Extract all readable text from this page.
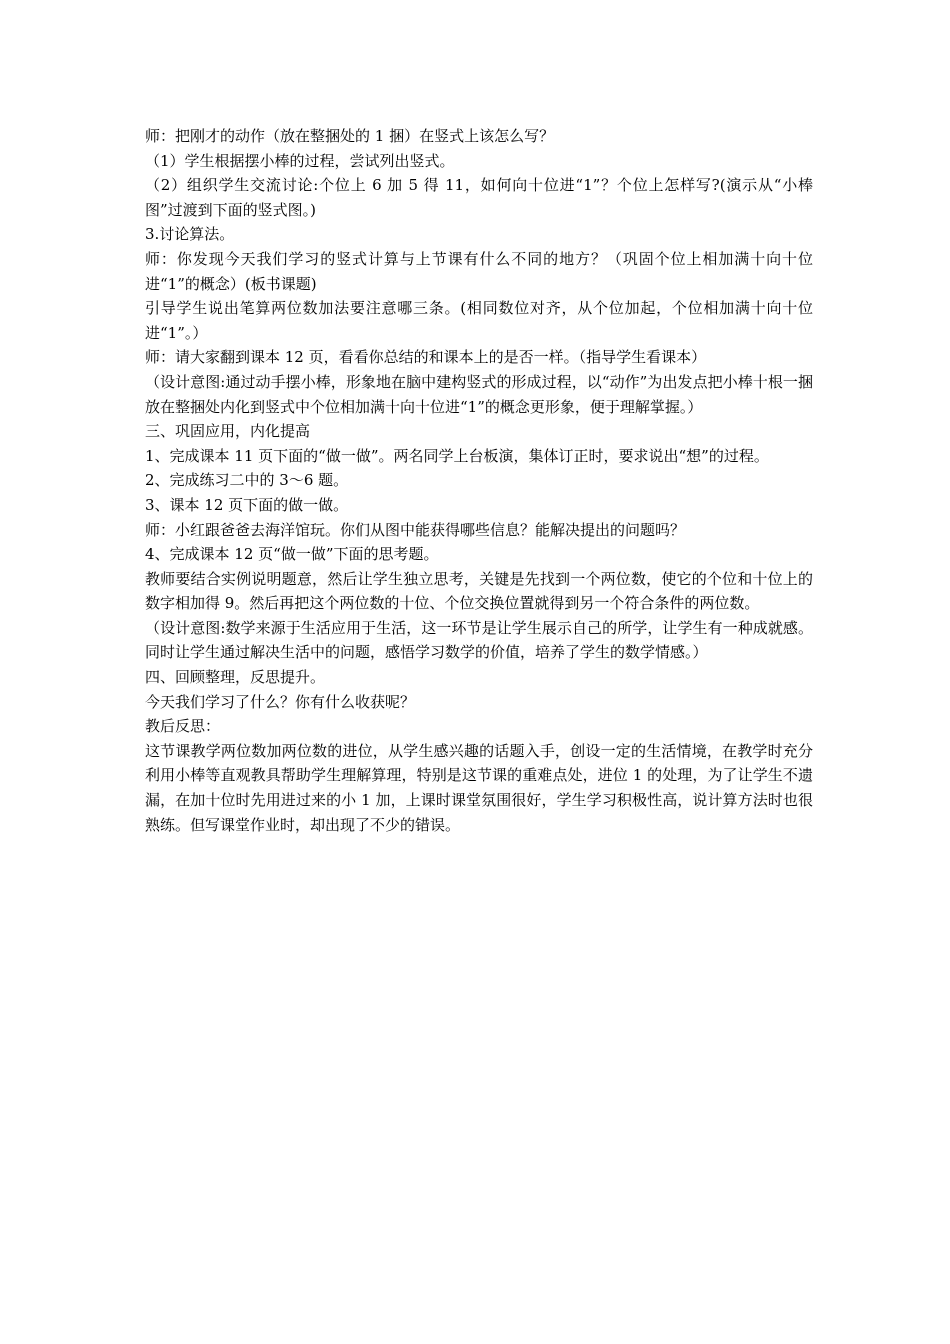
师：把刚才的动作（放在整捆处的 1 捆）在竖式上该怎么写？

（1）学生根据摆小棒的过程，尝试列出竖式。

（2）组织学生交流讨论:个位上 6 加 5 得 11，如何向十位进“1”？个位上怎样写?(演示从“小棒图”过渡到下面的竖式图。)

3.讨论算法。

师：你发现今天我们学习的竖式计算与上节课有什么不同的地方？（巩固个位上相加满十向十位进“1”的概念）(板书课题)

引导学生说出笔算两位数加法要注意哪三条。(相同数位对齐，从个位加起，个位相加满十向十位进“1”。）

师：请大家翻到课本 12 页，看看你总结的和课本上的是否一样。（指导学生看课本）

（设计意图:通过动手摆小棒，形象地在脑中建构竖式的形成过程，以“动作”为出发点把小棒十根一捆放在整捆处内化到竖式中个位相加满十向十位进“1”的概念更形象，便于理解掌握。）

三、巩固应用，内化提高

1、完成课本 11 页下面的“做一做”。两名同学上台板演，集体订正时，要求说出“想”的过程。

2、完成练习二中的 3～6 题。

3、课本 12 页下面的做一做。

师：小红跟爸爸去海洋馆玩。你们从图中能获得哪些信息？能解决提出的问题吗？

4、完成课本 12 页“做一做”下面的思考题。

教师要结合实例说明题意，然后让学生独立思考，关键是先找到一个两位数，使它的个位和十位上的数字相加得 9。然后再把这个两位数的十位、个位交换位置就得到另一个符合条件的两位数。

（设计意图:数学来源于生活应用于生活，这一环节是让学生展示自己的所学，让学生有一种成就感。同时让学生通过解决生活中的问题，感悟学习数学的价值，培养了学生的数学情感。）

四、回顾整理，反思提升。

今天我们学习了什么？你有什么收获呢？

教后反思：

这节课教学两位数加两位数的进位，从学生感兴趣的话题入手，创设一定的生活情境，在教学时充分利用小棒等直观教具帮助学生理解算理，特别是这节课的重难点处，进位 1 的处理，为了让学生不遗漏，在加十位时先用进过来的小 1 加，上课时课堂氛围很好，学生学习积极性高，说计算方法时也很熟练。但写课堂作业时，却出现了不少的错误。
